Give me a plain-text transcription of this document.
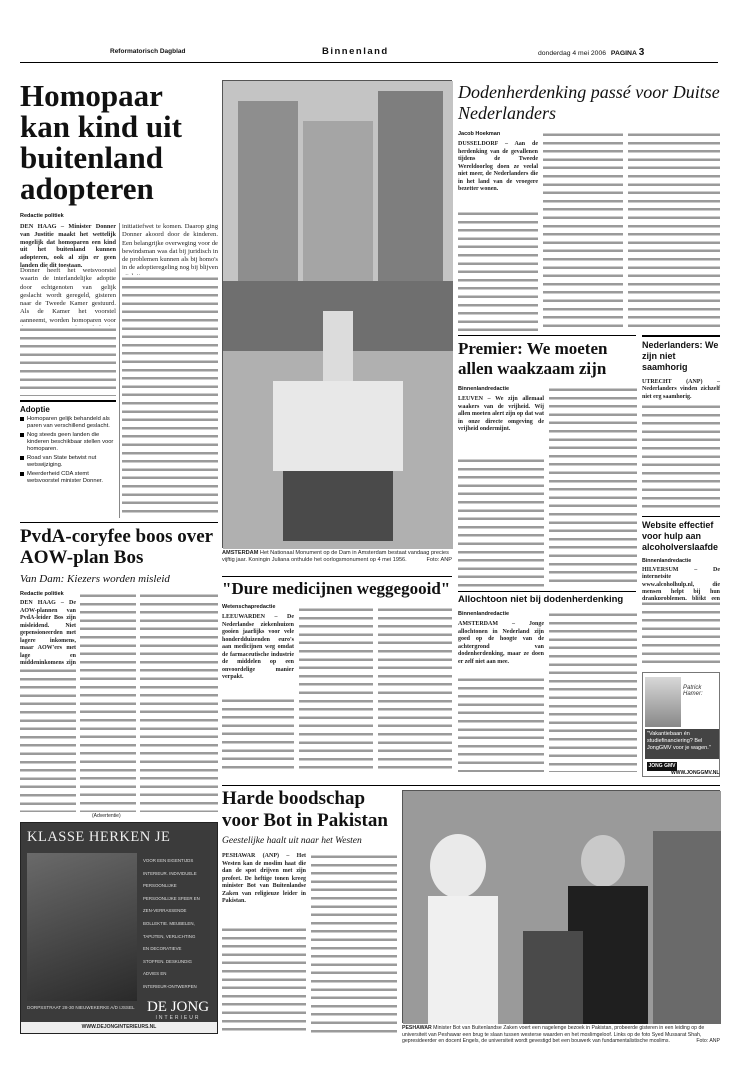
Reformatorisch Dagblad	Binnenland	donderdag 4 mei 2006 PAGINA 3
Homopaar kan kind uit buitenland adopteren
Redactie politiek
DEN HAAG – Minister Donner van Justitie maakt het wettelijk mogelijk dat homoparen een kind uit het buitenland kunnen adopteren, ook al zijn er geen landen die dit toestaan.
Donner heeft het wetsvoorstel waarin de interlandelijke adoptie door echtgenoten van gelijk geslacht wordt geregeld, gisteren naar de Tweede Kamer gestuurd. Als de Kamer het voorstel aanneemt, worden homoparen voor
Adoptie
Homoparen gelijk behandeld als paren van verschillend geslacht.
Nog steeds geen landen die kinderen beschikbaar stellen voor homoparen.
Road van State betwist nut wetswijziging.
Meerderheid CDA stemt wetsvoorstel minister Donner.
initiatiefwet te komen. Daarop ging Donner akoord door de kinderen. Een belangrijke overweging voor de bewindsman was dat bij juridisch in de problemen kunnen als bij homo's in de adoptieregeling nog bij blijven
PvdA-coryfee boos over AOW-plan Bos
Van Dam: Kiezers worden misleid
Redactie politiek
DEN HAAG – De AOW-plannen van PvdA-leider Bos zijn misleidend. Niet gepensioneerden met lagere inkomens, maar AOW'ers met lage en middeninkomens zijn
AMSTERDAM Het Nationaal Monument op de Dam in Amsterdam bestaat vandaag precies vijftig jaar. Koningin Juliana onthulde het oorlogsmonument op 4 mei 1956.	Foto: ANP
Dodenherdenking passé voor Duitse Nederlanders
Jacob Hoekman
DUSSELDORF – Aan de herdenking van de gevallenen tijdens de Tweede Wereldoorlog doen ze veelal niet meer, de Nederlanders die in het land van de vroegere bezetter wonen.
Premier: We moeten allen waakzaam zijn
Binnenlandredactie
LEUVEN – We zijn allemaal waakers van de vrijheid. Wij allen moeten alert zijn op dat wat in onze directe omgeving de vrijheid ondermijnt.
Nederlanders: We zijn niet saamhorig
UTRECHT (ANP) – Nederlanders vinden zichzelf niet erg saamhorig.
Website effectief voor hulp aan alcoholverslaafde
Binnenlandredactie
HILVERSUM – De internetsite www.alcoholhulp.nl, die mensen helpt bij hun
"Dure medicijnen weggegooid"
Wetenschapredactie
LEEUWARDEN – De Nederlandse ziekenhuizen gooien jaarlijks voor vele honderdduizenden euro's aan medicijnen weg omdat de farmaceutische industrie de middelen op een onvoordelige manier verpakt.
Allochtoon niet bij dodenherdenking
Binnenlandredactie
AMSTERDAM – Jonge allochtonen in Nederland zijn goed op de hoogte van de achtergrond van dodenherdenking, maar ze doen er zelf niet aan mee.
Patrick Hamer:
"Vakantiebaan én studiefinanciering? Bel JongGMV voor je wagen."
JONG GMV
WWW.JONGGMV.NL
(Advertentie)
KLASSE HERKEN JE
VOOR EEN EIGENTIJDS
INTERIEUR. INDIVIDUELE
PERSOONLIJKE
PERSOONLIJKE SFEER EN
ZEN-VERRASSENDE
BOLLEKTIE. MEUBELEN,
TAPIJTEN, VERLICHTING
EN DECORATIEVE
STOFFEN. DESKUNDIG
ADVIES EN
INTERIEUR-ONTWERPEN
DORPSSTRAAT 28-30 NIEUWEKERKE A/D IJSSEL DE JONG
INTERIEUR
WWW.DEJONGINTERIEURS.NL
Harde boodschap voor Bot in Pakistan
Geestelijke haalt uit naar het Westen
PESHAWAR (ANP) – Het Westen kan de moslim haat die dan de spot drijven met zijn profeet. De heftige tonen kreeg minister Bot van Buitenlandse Zaken van religieuze leider in Pakistan.
PESHAWAR Minister Bot van Buitenlandse Zaken voert een nagelenge bezoek in Pakistan, probeerde gisteren in een leiding op de universiteit van Peshawar een brug te slaan tussen westerse waarden en het moslimgeloof. Links op de foto Syed Mussarat Shah, gepresideerder en docent Engels, de universiteit wordt gevestigd bet een bouwerk van fundamentalistische moslims.	Foto: ANP
